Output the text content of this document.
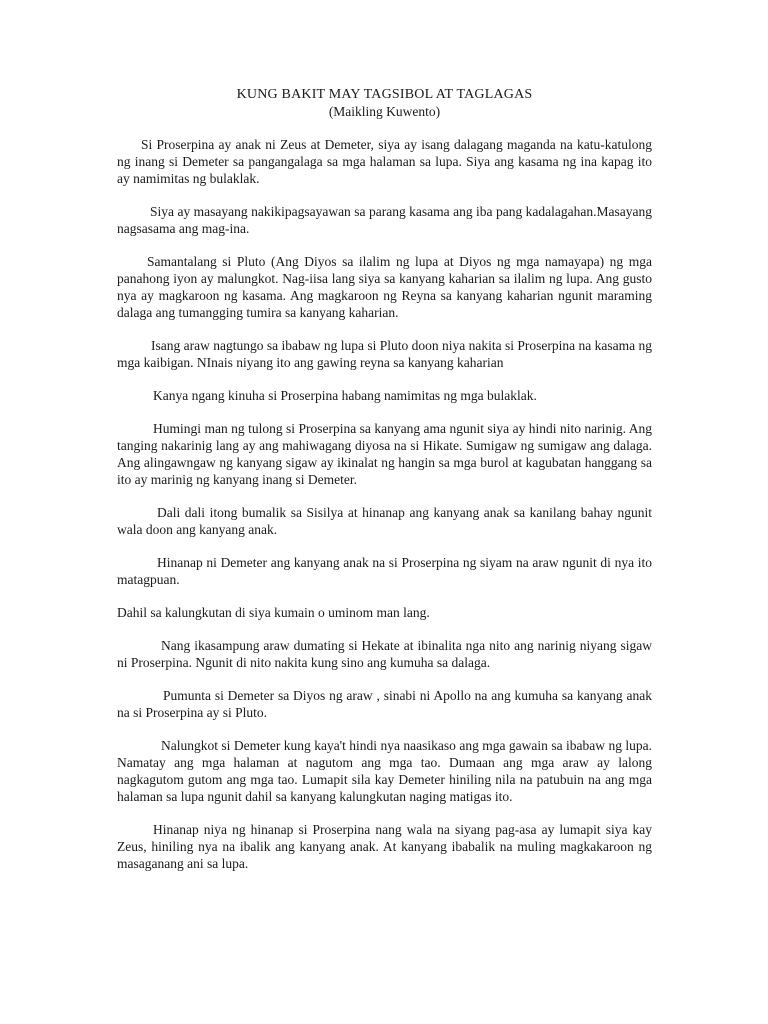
KUNG BAKIT MAY TAGSIBOL AT TAGLAGAS

(Maikling Kuwento)

Si Proserpina ay anak ni Zeus at Demeter, siya ay isang dalagang maganda na katu-katulong ng inang si Demeter sa pangangalaga sa mga halaman sa lupa. Siya ang kasama ng ina kapag ito ay namimitas ng bulaklak.

Siya ay masayang nakikipagsayawan sa parang kasama ang iba pang kadalagahan.Masayang nagsasama ang mag-ina.

Samantalang si Pluto (Ang Diyos sa ilalim ng lupa at Diyos ng mga namayapa) ng mga panahong iyon ay malungkot. Nag-iisa lang siya sa kanyang kaharian sa ilalim ng lupa. Ang gusto nya ay magkaroon ng kasama. Ang magkaroon ng Reyna sa kanyang kaharian ngunit maraming dalaga ang tumangging tumira sa kanyang kaharian.

Isang araw nagtungo sa ibabaw ng lupa si Pluto doon niya nakita si Proserpina na kasama ng mga kaibigan. NInais niyang ito ang gawing reyna sa kanyang kaharian

Kanya ngang kinuha si Proserpina habang namimitas ng mga bulaklak.

Humingi man ng tulong si Proserpina sa kanyang ama ngunit siya ay hindi nito narinig. Ang tanging nakarinig lang ay ang mahiwagang diyosa na si Hikate. Sumigaw ng sumigaw ang dalaga. Ang alingawngaw ng kanyang sigaw ay ikinalat ng hangin sa mga burol at kagubatan hanggang sa ito ay marinig ng kanyang inang si Demeter.

Dali dali itong bumalik sa Sisilya at hinanap ang kanyang anak sa kanilang bahay ngunit wala doon ang kanyang anak.

Hinanap ni Demeter ang kanyang anak na si Proserpina ng siyam na araw ngunit di nya ito matagpuan.

Dahil sa kalungkutan di siya kumain o uminom man lang.

Nang ikasampung araw dumating si Hekate at ibinalita nga nito ang narinig niyang sigaw ni Proserpina. Ngunit di nito nakita kung sino ang kumuha sa dalaga.

Pumunta si Demeter sa Diyos ng araw , sinabi ni Apollo na ang kumuha sa kanyang anak na si Proserpina ay si Pluto.

Nalungkot si Demeter kung kaya't hindi nya naasikaso ang mga gawain sa ibabaw ng lupa. Namatay ang mga halaman at nagutom ang mga tao. Dumaan ang mga araw ay lalong nagkagutom gutom ang mga tao. Lumapit sila kay Demeter hiniling nila na patubuin na ang mga halaman sa lupa ngunit dahil sa kanyang kalungkutan naging matigas ito.

Hinanap niya ng hinanap si Proserpina nang wala na siyang pag-asa ay lumapit siya kay Zeus, hiniling nya na ibalik ang kanyang anak. At kanyang ibabalik na muling magkakaroon ng masaganang ani sa lupa.
